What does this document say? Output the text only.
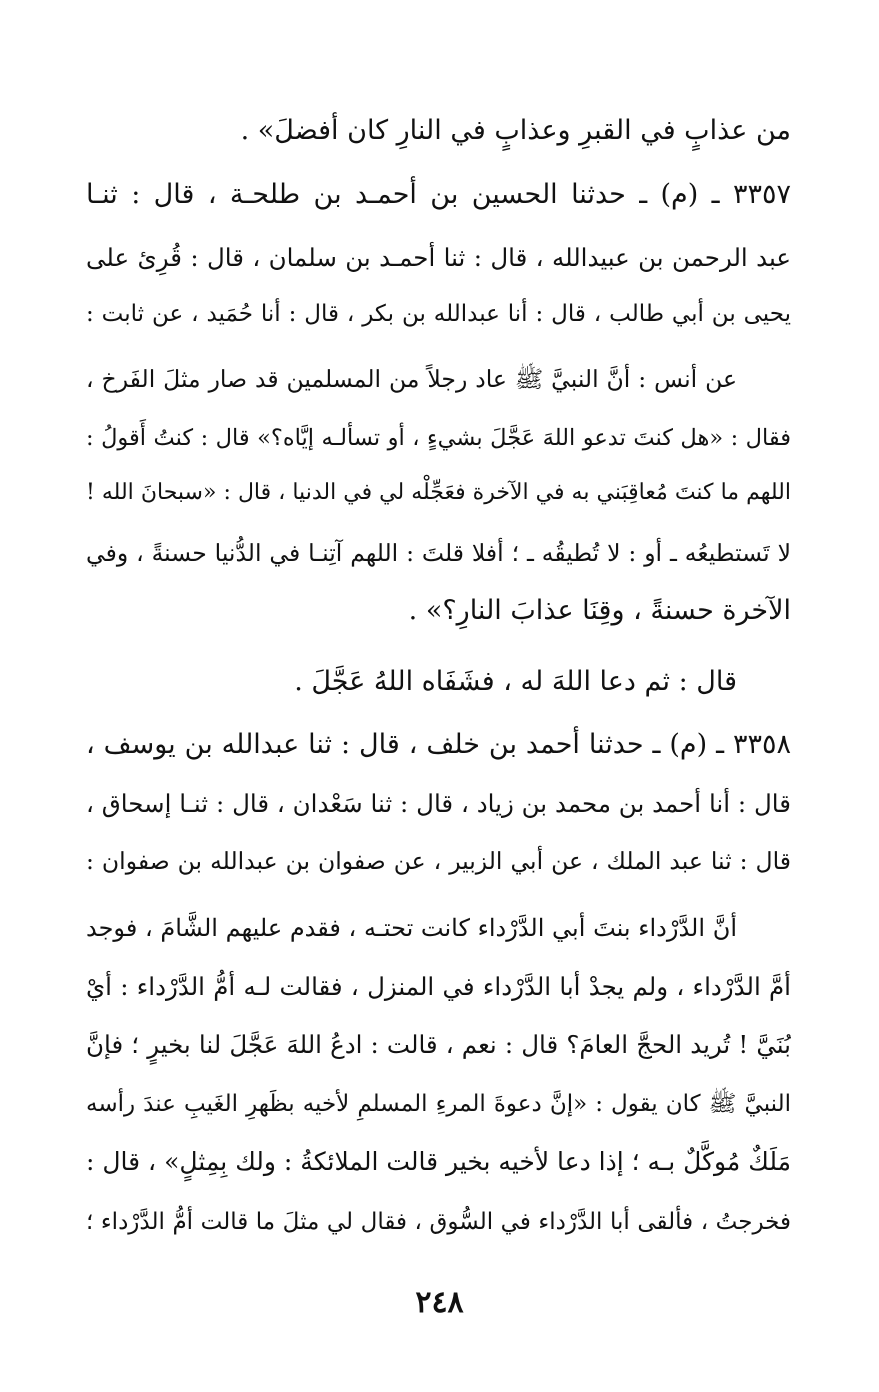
من عذابٍ في القبرِ وعذابٍ في النارِ كان أفضلَ» .
٣٣٥٧ ـ (م) ـ حدثنا الحسين بن أحمـد بن طلحـة ، قال : ثنـا
عبد الرحمن بن عبيدالله ، قال : ثنا أحمـد بن سلمان ، قال : قُرِئ على
يحيى بن أبي طالب ، قال : أنا عبدالله بن بكر ، قال : أنا حُمَيد ، عن ثابت :
عن أنس : أنَّ النبيَّ ﷺ عاد رجلاً من المسلمين قد صار مثلَ الفَرخ ،
فقال : «هل كنتَ تدعو اللهَ عَجَّلَ بشيءٍ ، أو تسألـه إيَّاه؟» قال : كنتُ أَقولُ :
اللهم ما كنتَ مُعاقِبَني به في الآخرة فعَجِّلْه لي في الدنيا ، قال : «سبحانَ الله !
لا تَستطيعُه ـ أو : لا تُطيقُه ـ ؛ أفلا قلتَ : اللهم آتِنـا في الدُّنيا حسنةً ، وفي
الآخرة حسنةً ، وقِنَا عذابَ النارِ؟» .
قال : ثم دعا اللهَ له ، فشَفَاه اللهُ عَجَّلَ .
٣٣٥٨ ـ (م) ـ حدثنا أحمد بن خلف ، قال : ثنا عبدالله بن يوسف ،
قال : أنا أحمد بن محمد بن زياد ، قال : ثنا سَعْدان ، قال : ثنـا إسحاق ،
قال : ثنا عبد الملك ، عن أبي الزبير ، عن صفوان بن عبدالله بن صفوان :
أنَّ الدَّرْداء بنتَ أبي الدَّرْداء كانت تحتـه ، فقدم عليهم الشَّامَ ، فوجد
أمَّ الدَّرْداء ، ولم يجدْ أبا الدَّرْداء في المنزل ، فقالت لـه أمُّ الدَّرْداء : أيْ
بُنَيَّ ! تُريد الحجَّ العامَ؟ قال : نعم ، قالت : ادعُ اللهَ عَجَّلَ لنا بخيرٍ ؛ فإنَّ
النبيَّ ﷺ كان يقول : «إنَّ دعوةَ المرءِ المسلمِ لأخيه بظَهرِ الغَيبِ عندَ رأسه
مَلَكٌ مُوكَّلٌ بـه ؛ إذا دعا لأخيه بخير قالت الملائكةُ : ولك بِمِثلٍ» ، قال :
فخرجتُ ، فألقى أبا الدَّرْداء في السُّوق ، فقال لي مثلَ ما قالت أمُّ الدَّرْداء ؛
٢٤٨
